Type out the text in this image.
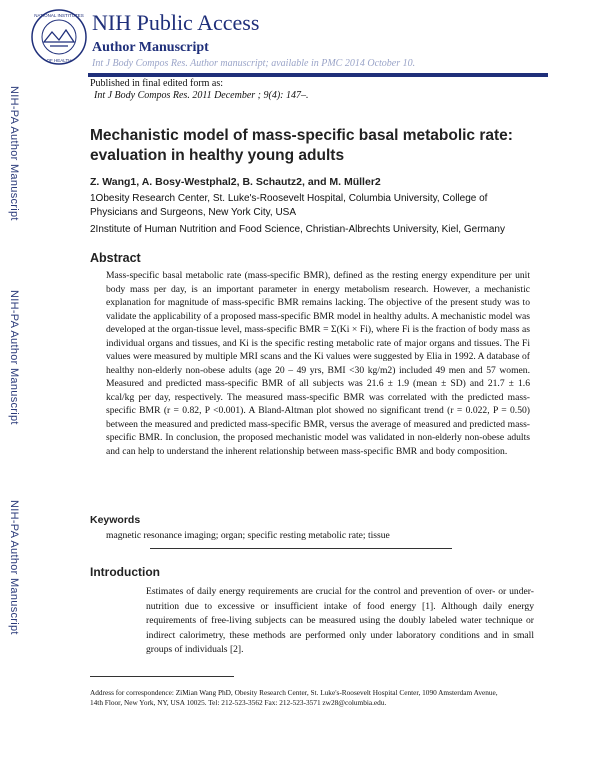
NATIONAL INSTITUTES
OF HEALTH
NIH Public Access
Author Manuscript
Int J Body Compos Res. Author manuscript; available in PMC 2014 October 10.
NIH-PA Author Manuscript
NIH-PA Author Manuscript
NIH-PA Author Manuscript
Published in final edited form as:
Int J Body Compos Res. 2011 December ; 9(4): 147–.
Mechanistic model of mass-specific basal metabolic rate: evaluation in healthy young adults
Z. Wang1, A. Bosy-Westphal2, B. Schautz2, and M. Müller2
1Obesity Research Center, St. Luke's-Roosevelt Hospital, Columbia University, College of Physicians and Surgeons, New York City, USA
2Institute of Human Nutrition and Food Science, Christian-Albrechts University, Kiel, Germany
Abstract
Mass-specific basal metabolic rate (mass-specific BMR), defined as the resting energy expenditure per unit body mass per day, is an important parameter in energy metabolism research. However, a mechanistic explanation for magnitude of mass-specific BMR remains lacking. The objective of the present study was to validate the applicability of a proposed mass-specific BMR model in healthy adults. A mechanistic model was developed at the organ-tissue level, mass-specific BMR = Σ(Ki × Fi), where Fi is the fraction of body mass as individual organs and tissues, and Ki is the specific resting metabolic rate of major organs and tissues. The Fi values were measured by multiple MRI scans and the Ki values were suggested by Elia in 1992. A database of healthy non-elderly non-obese adults (age 20 – 49 yrs, BMI <30 kg/m2) included 49 men and 57 women. Measured and predicted mass-specific BMR of all subjects was 21.6 ± 1.9 (mean ± SD) and 21.7 ± 1.6 kcal/kg per day, respectively. The measured mass-specific BMR was correlated with the predicted mass-specific BMR (r = 0.82, P <0.001). A Bland-Altman plot showed no significant trend (r = 0.022, P = 0.50) between the measured and predicted mass-specific BMR, versus the average of measured and predicted mass-specific BMR. In conclusion, the proposed mechanistic model was validated in non-elderly non-obese adults and can help to understand the inherent relationship between mass-specific BMR and body composition.
Keywords
magnetic resonance imaging; organ; specific resting metabolic rate; tissue
Introduction
Estimates of daily energy requirements are crucial for the control and prevention of over- or under-nutrition due to excessive or insufficient intake of food energy [1]. Although daily energy requirements of free-living subjects can be measured using the doubly labeled water technique or indirect calorimetry, these methods are performed only under laboratory conditions and in small groups of individuals [2].
Address for correspondence: ZiMian Wang PhD, Obesity Research Center, St. Luke's-Roosevelt Hospital Center, 1090 Amsterdam Avenue, 14th Floor, New York, NY, USA 10025. Tel: 212-523-3562 Fax: 212-523-3571 zw28@columbia.edu.
